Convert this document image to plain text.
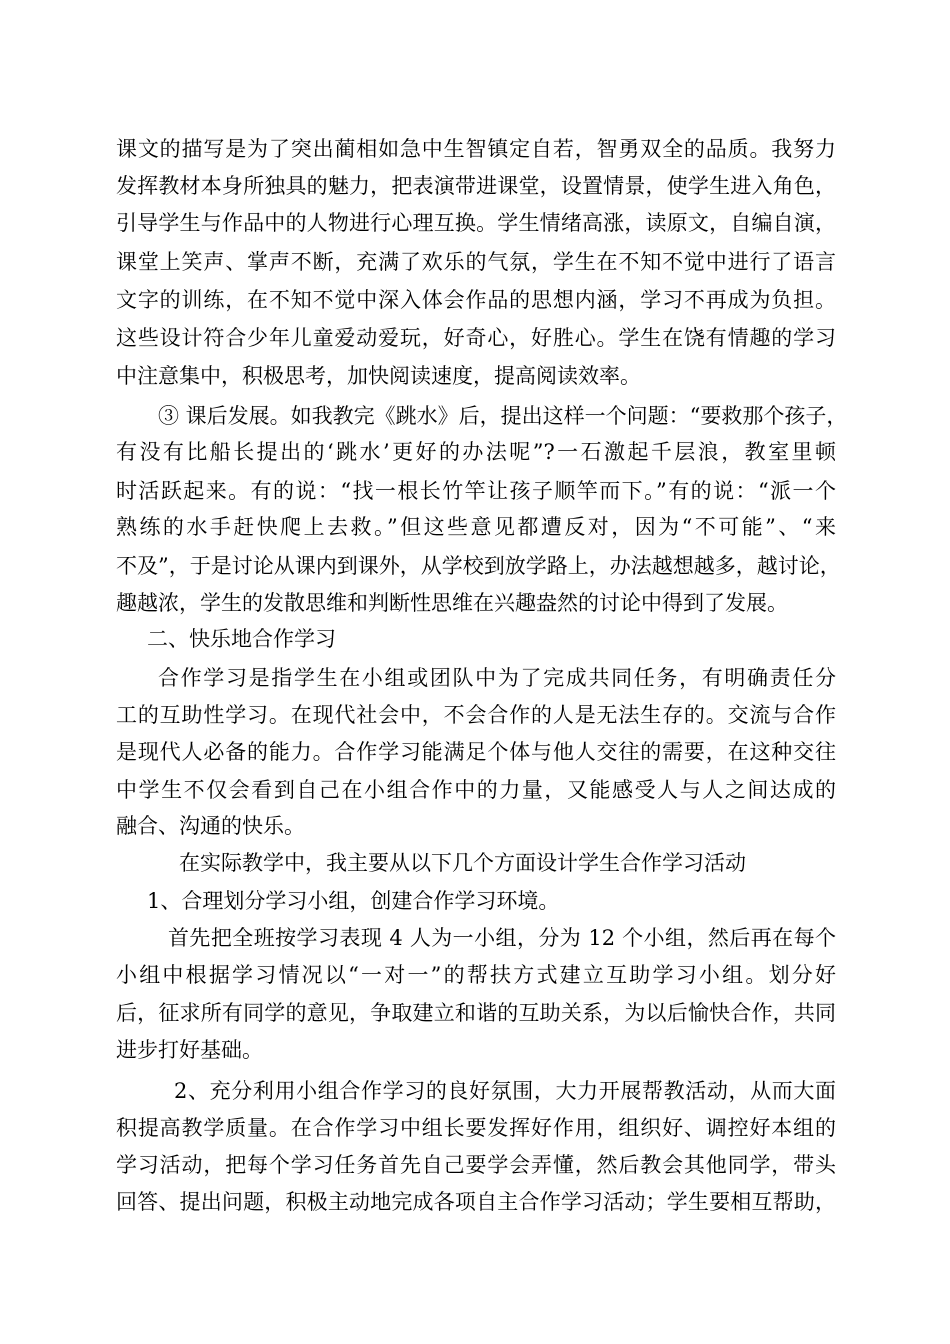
课文的描写是为了突出蔺相如急中生智镇定自若，智勇双全的品质。我努力
发挥教材本身所独具的魅力，把表演带进课堂，设置情景，使学生进入角色，
引导学生与作品中的人物进行心理互换。学生情绪高涨，读原文，自编自演，
课堂上笑声、掌声不断，充满了欢乐的气氛，学生在不知不觉中进行了语言
文字的训练，在不知不觉中深入体会作品的思想内涵，学习不再成为负担。
这些设计符合少年儿童爱动爱玩，好奇心，好胜心。学生在饶有情趣的学习
中注意集中，积极思考，加快阅读速度，提高阅读效率。
③ 课后发展。如我教完《跳水》后，提出这样一个问题：“要救那个孩子，
有没有比船长提出的‘跳水’更好的办法呢”?一石激起千层浪，教室里顿
时活跃起来。有的说：“找一根长竹竿让孩子顺竿而下。”有的说：“派一个
熟练的水手赶快爬上去救。”但这些意见都遭反对，因为“不可能”、“来
不及”，于是讨论从课内到课外，从学校到放学路上，办法越想越多，越讨论，
趣越浓，学生的发散思维和判断性思维在兴趣盎然的讨论中得到了发展。
二、快乐地合作学习
合作学习是指学生在小组或团队中为了完成共同任务，有明确责任分
工的互助性学习。在现代社会中，不会合作的人是无法生存的。交流与合作
是现代人必备的能力。合作学习能满足个体与他人交往的需要，在这种交往
中学生不仅会看到自己在小组合作中的力量，又能感受人与人之间达成的
融合、沟通的快乐。
在实际教学中，我主要从以下几个方面设计学生合作学习活动
1、合理划分学习小组，创建合作学习环境。
首先把全班按学习表现 4 人为一小组，分为 12 个小组，然后再在每个
小组中根据学习情况以“一对一”的帮扶方式建立互助学习小组。划分好
后，征求所有同学的意见，争取建立和谐的互助关系，为以后愉快合作，共同
进步打好基础。
2、充分利用小组合作学习的良好氛围，大力开展帮教活动，从而大面
积提高教学质量。在合作学习中组长要发挥好作用，组织好、调控好本组的
学习活动，把每个学习任务首先自己要学会弄懂，然后教会其他同学，带头
回答、提出问题，积极主动地完成各项自主合作学习活动；学生要相互帮助，
